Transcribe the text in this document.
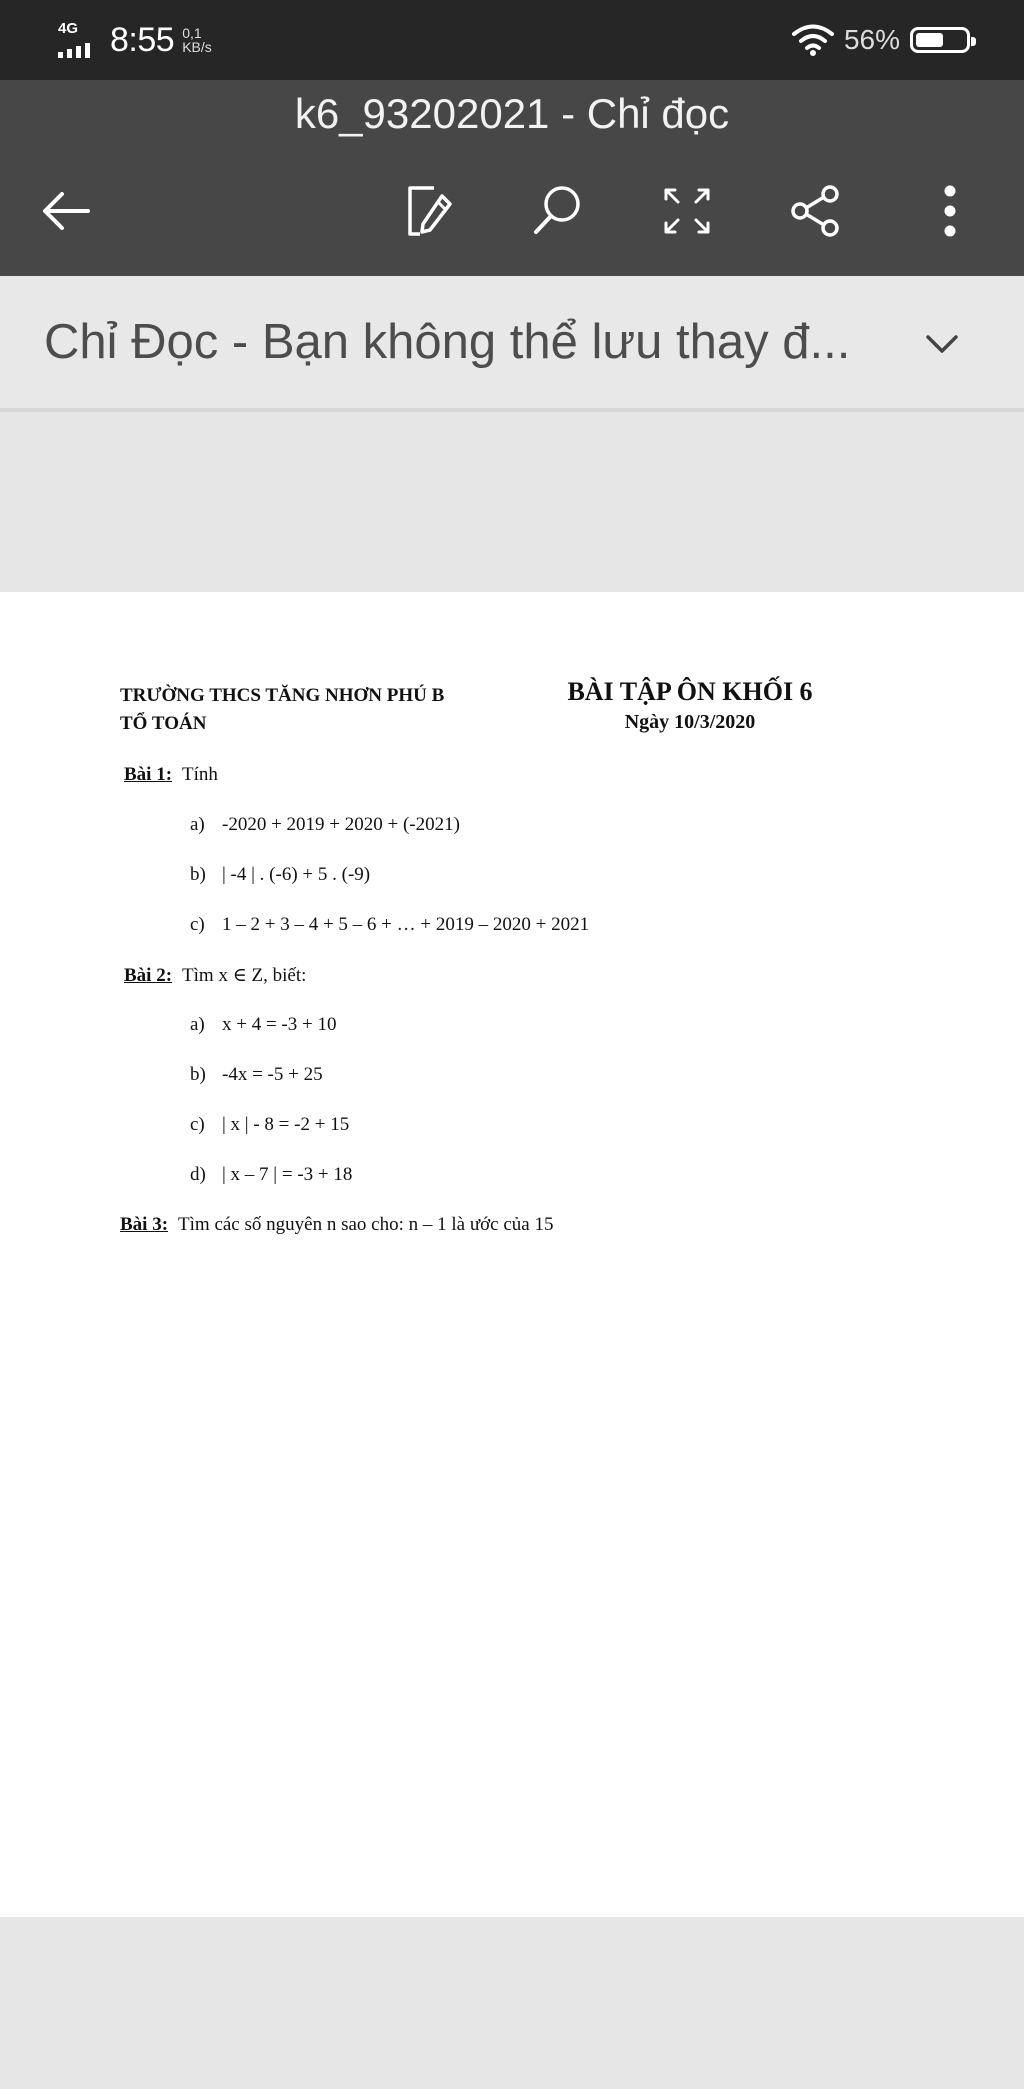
4G 8:55 0,1
KB/s	56%
k6_93202021 - Chỉ đọc
Chỉ Đọc - Bạn không thể lưu thay đ...
TRƯỜNG THCS TĂNG NHƠN PHÚ B
TỔ TOÁN
BÀI TẬP ÔN KHỐI 6
Ngày 10/3/2020
Bài 1: Tính
a) -2020 + 2019 + 2020 + (-2021)
b) | -4 | . (-6) + 5 . (-9)
c) 1 – 2 + 3 – 4 + 5 – 6 + … + 2019 – 2020 + 2021
Bài 2: Tìm x ∈ Z, biết:
a) x + 4 = -3 + 10
b) -4x = -5 + 25
c) | x | - 8 = -2 + 15
d) | x – 7 | = -3 + 18
Bài 3: Tìm các số nguyên n sao cho: n – 1 là ước của 15
